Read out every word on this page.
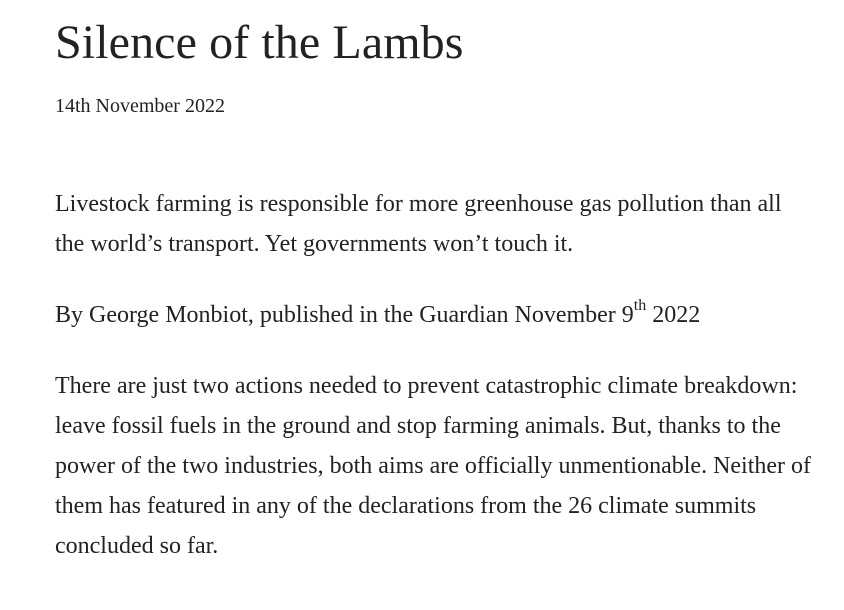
Silence of the Lambs

14th November 2022

Livestock farming is responsible for more greenhouse gas pollution than all the world’s transport. Yet governments won’t touch it.

By George Monbiot, published in the Guardian November 9th 2022

There are just two actions needed to prevent catastrophic climate breakdown: leave fossil fuels in the ground and stop farming animals. But, thanks to the power of the two industries, both aims are officially unmentionable. Neither of them has featured in any of the declarations from the 26 climate summits concluded so far.
